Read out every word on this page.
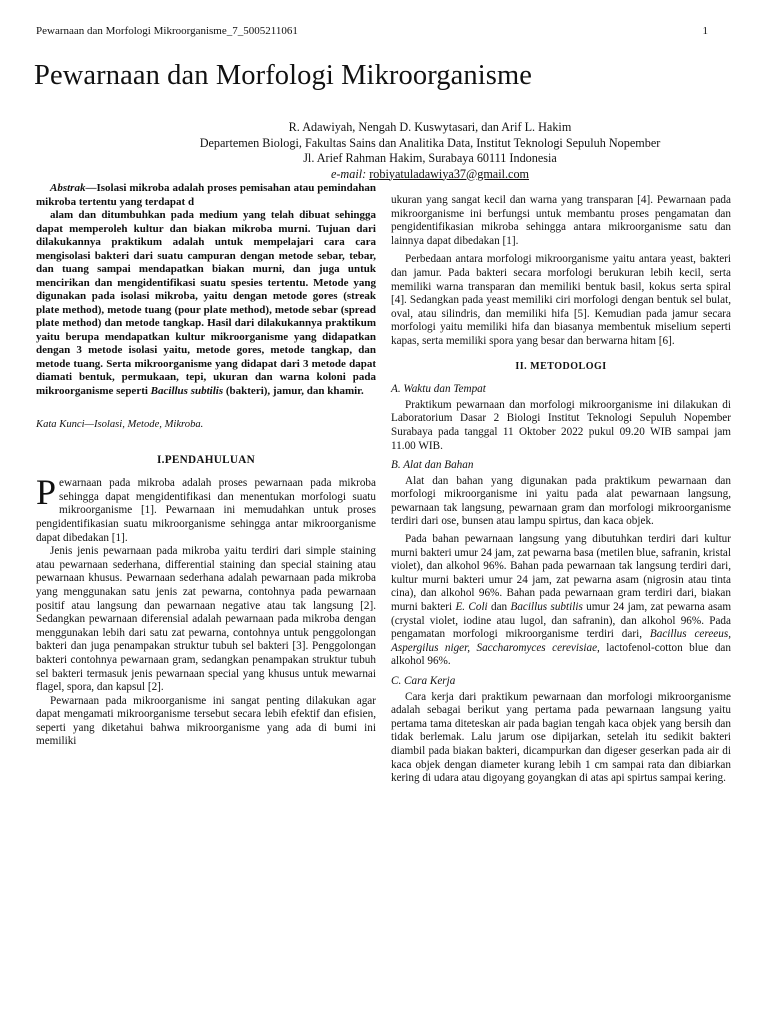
Pewarnaan dan Morfologi Mikroorganisme_7_5005211061	1
Pewarnaan dan Morfologi Mikroorganisme
R. Adawiyah, Nengah D. Kuswytasari, dan Arif L. Hakim
Departemen Biologi, Fakultas Sains dan Analitika Data, Institut Teknologi Sepuluh Nopember
Jl. Arief Rahman Hakim, Surabaya 60111 Indonesia
e-mail: robiyatuladawiya37@gmail.com

Abstrak—Isolasi mikroba adalah proses pemisahan atau pemindahan mikroba tertentu yang terdapat d

alam dan ditumbuhkan pada medium yang telah dibuat sehingga dapat memperoleh kultur dan biakan mikroba murni. Tujuan dari dilakukannya praktikum adalah untuk mempelajari cara cara mengisolasi bakteri dari suatu campuran dengan metode sebar, tebar, dan tuang sampai mendapatkan biakan murni, dan juga untuk mencirikan dan mengidentifikasi suatu spesies tertentu. Metode yang digunakan pada isolasi mikroba, yaitu dengan metode gores (streak plate method), metode tuang (pour plate method), metode sebar (spread plate method) dan metode tangkap. Hasil dari dilakukannya praktikum yaitu berupa mendapatkan kultur mikroorganisme yang didapatkan dengan 3 metode isolasi yaitu, metode gores, metode tangkap, dan metode tuang. Serta mikroorganisme yang didapat dari 3 metode dapat diamati bentuk, permukaan, tepi, ukuran dan warna koloni pada mikroorganisme seperti Bacillus subtilis (bakteri), jamur, dan khamir.

Kata Kunci—Isolasi, Metode, Mikroba.

I.PENDAHULUAN

Pewarnaan pada mikroba adalah proses pewarnaan pada mikroba sehingga dapat mengidentifikasi dan menentukan morfologi suatu mikroorganisme [1]. Pewarnaan ini memudahkan untuk proses pengidentifikasian suatu mikroorganisme sehingga antar mikroorganisme dapat dibedakan [1].

Jenis jenis pewarnaan pada mikroba yaitu terdiri dari simple staining atau pewarnaan sederhana, differential staining dan special staining atau pewarnaan khusus. Pewarnaan sederhana adalah pewarnaan pada mikroba yang menggunakan satu jenis zat pewarna, contohnya pada pewarnaan positif atau langsung dan pewarnaan negative atau tak langsung [2]. Sedangkan pewarnaan diferensial adalah pewarnaan pada mikroba dengan menggunakan lebih dari satu zat pewarna, contohnya untuk penggolongan bakteri dan juga penampakan struktur tubuh sel bakteri [3]. Penggolongan bakteri contohnya pewarnaan gram, sedangkan penampakan struktur tubuh sel bakteri termasuk jenis pewarnaan special yang khusus untuk mewarnai flagel, spora, dan kapsul [2].

Pewarnaan pada mikroorganisme ini sangat penting dilakukan agar dapat mengamati mikroorganisme tersebut secara lebih efektif dan efisien, seperti yang diketahui bahwa mikroorganisme yang ada di bumi ini memiliki

ukuran yang sangat kecil dan warna yang transparan [4]. Pewarnaan pada mikroorganisme ini berfungsi untuk membantu proses pengamatan dan pengidentifikasian mikroba sehingga antara mikroorganisme satu dan lainnya dapat dibedakan [1].

Perbedaan antara morfologi mikroorganisme yaitu antara yeast, bakteri dan jamur. Pada bakteri secara morfologi berukuran lebih kecil, serta memiliki warna transparan dan memiliki bentuk basil, kokus serta spiral [4]. Sedangkan pada yeast memiliki ciri morfologi dengan bentuk sel bulat, oval, atau silindris, dan memiliki hifa [5]. Kemudian pada jamur secara morfologi yaitu memiliki hifa dan biasanya membentuk miselium seperti kapas, serta memiliki spora yang besar dan berwarna hitam [6].

II. METODOLOGI

A. Waktu dan Tempat

Praktikum pewarnaan dan morfologi mikroorganisme ini dilakukan di Laboratorium Dasar 2 Biologi Institut Teknologi Sepuluh Nopember Surabaya pada tanggal 11 Oktober 2022 pukul 09.20 WIB sampai jam 11.00 WIB.

B. Alat dan Bahan

Alat dan bahan yang digunakan pada praktikum pewarnaan dan morfologi mikroorganisme ini yaitu pada alat pewarnaan langsung, pewarnaan tak langsung, pewarnaan gram dan morfologi mikroorganisme terdiri dari ose, bunsen atau lampu spirtus, dan kaca objek.

Pada bahan pewarnaan langsung yang dibutuhkan terdiri dari kultur murni bakteri umur 24 jam, zat pewarna basa (metilen blue, safranin, kristal violet), dan alkohol 96%. Bahan pada pewarnaan tak langsung terdiri dari, kultur murni bakteri umur 24 jam, zat pewarna asam (nigrosin atau tinta cina), dan alkohol 96%. Bahan pada pewarnaan gram terdiri dari, biakan murni bakteri E. Coli dan Bacillus subtilis umur 24 jam, zat pewarna asam (crystal violet, iodine atau lugol, dan safranin), dan alkohol 96%. Pada pengamatan morfologi mikroorganisme terdiri dari, Bacillus cereeus, Aspergilus niger, Saccharomyces cerevisiae, lactofenol-cotton blue dan alkohol 96%.

C. Cara Kerja

Cara kerja dari praktikum pewarnaan dan morfologi mikroorganisme adalah sebagai berikut yang pertama pada pewarnaan langsung yaitu pertama tama diteteskan air pada bagian tengah kaca objek yang bersih dan tidak berlemak. Lalu jarum ose dipijarkan, setelah itu sedikit bakteri diambil pada biakan bakteri, dicampurkan dan digeser geserkan pada air di kaca objek dengan diameter kurang lebih 1 cm sampai rata dan dibiarkan kering di udara atau digoyang goyangkan di atas api spirtus sampai kering.
